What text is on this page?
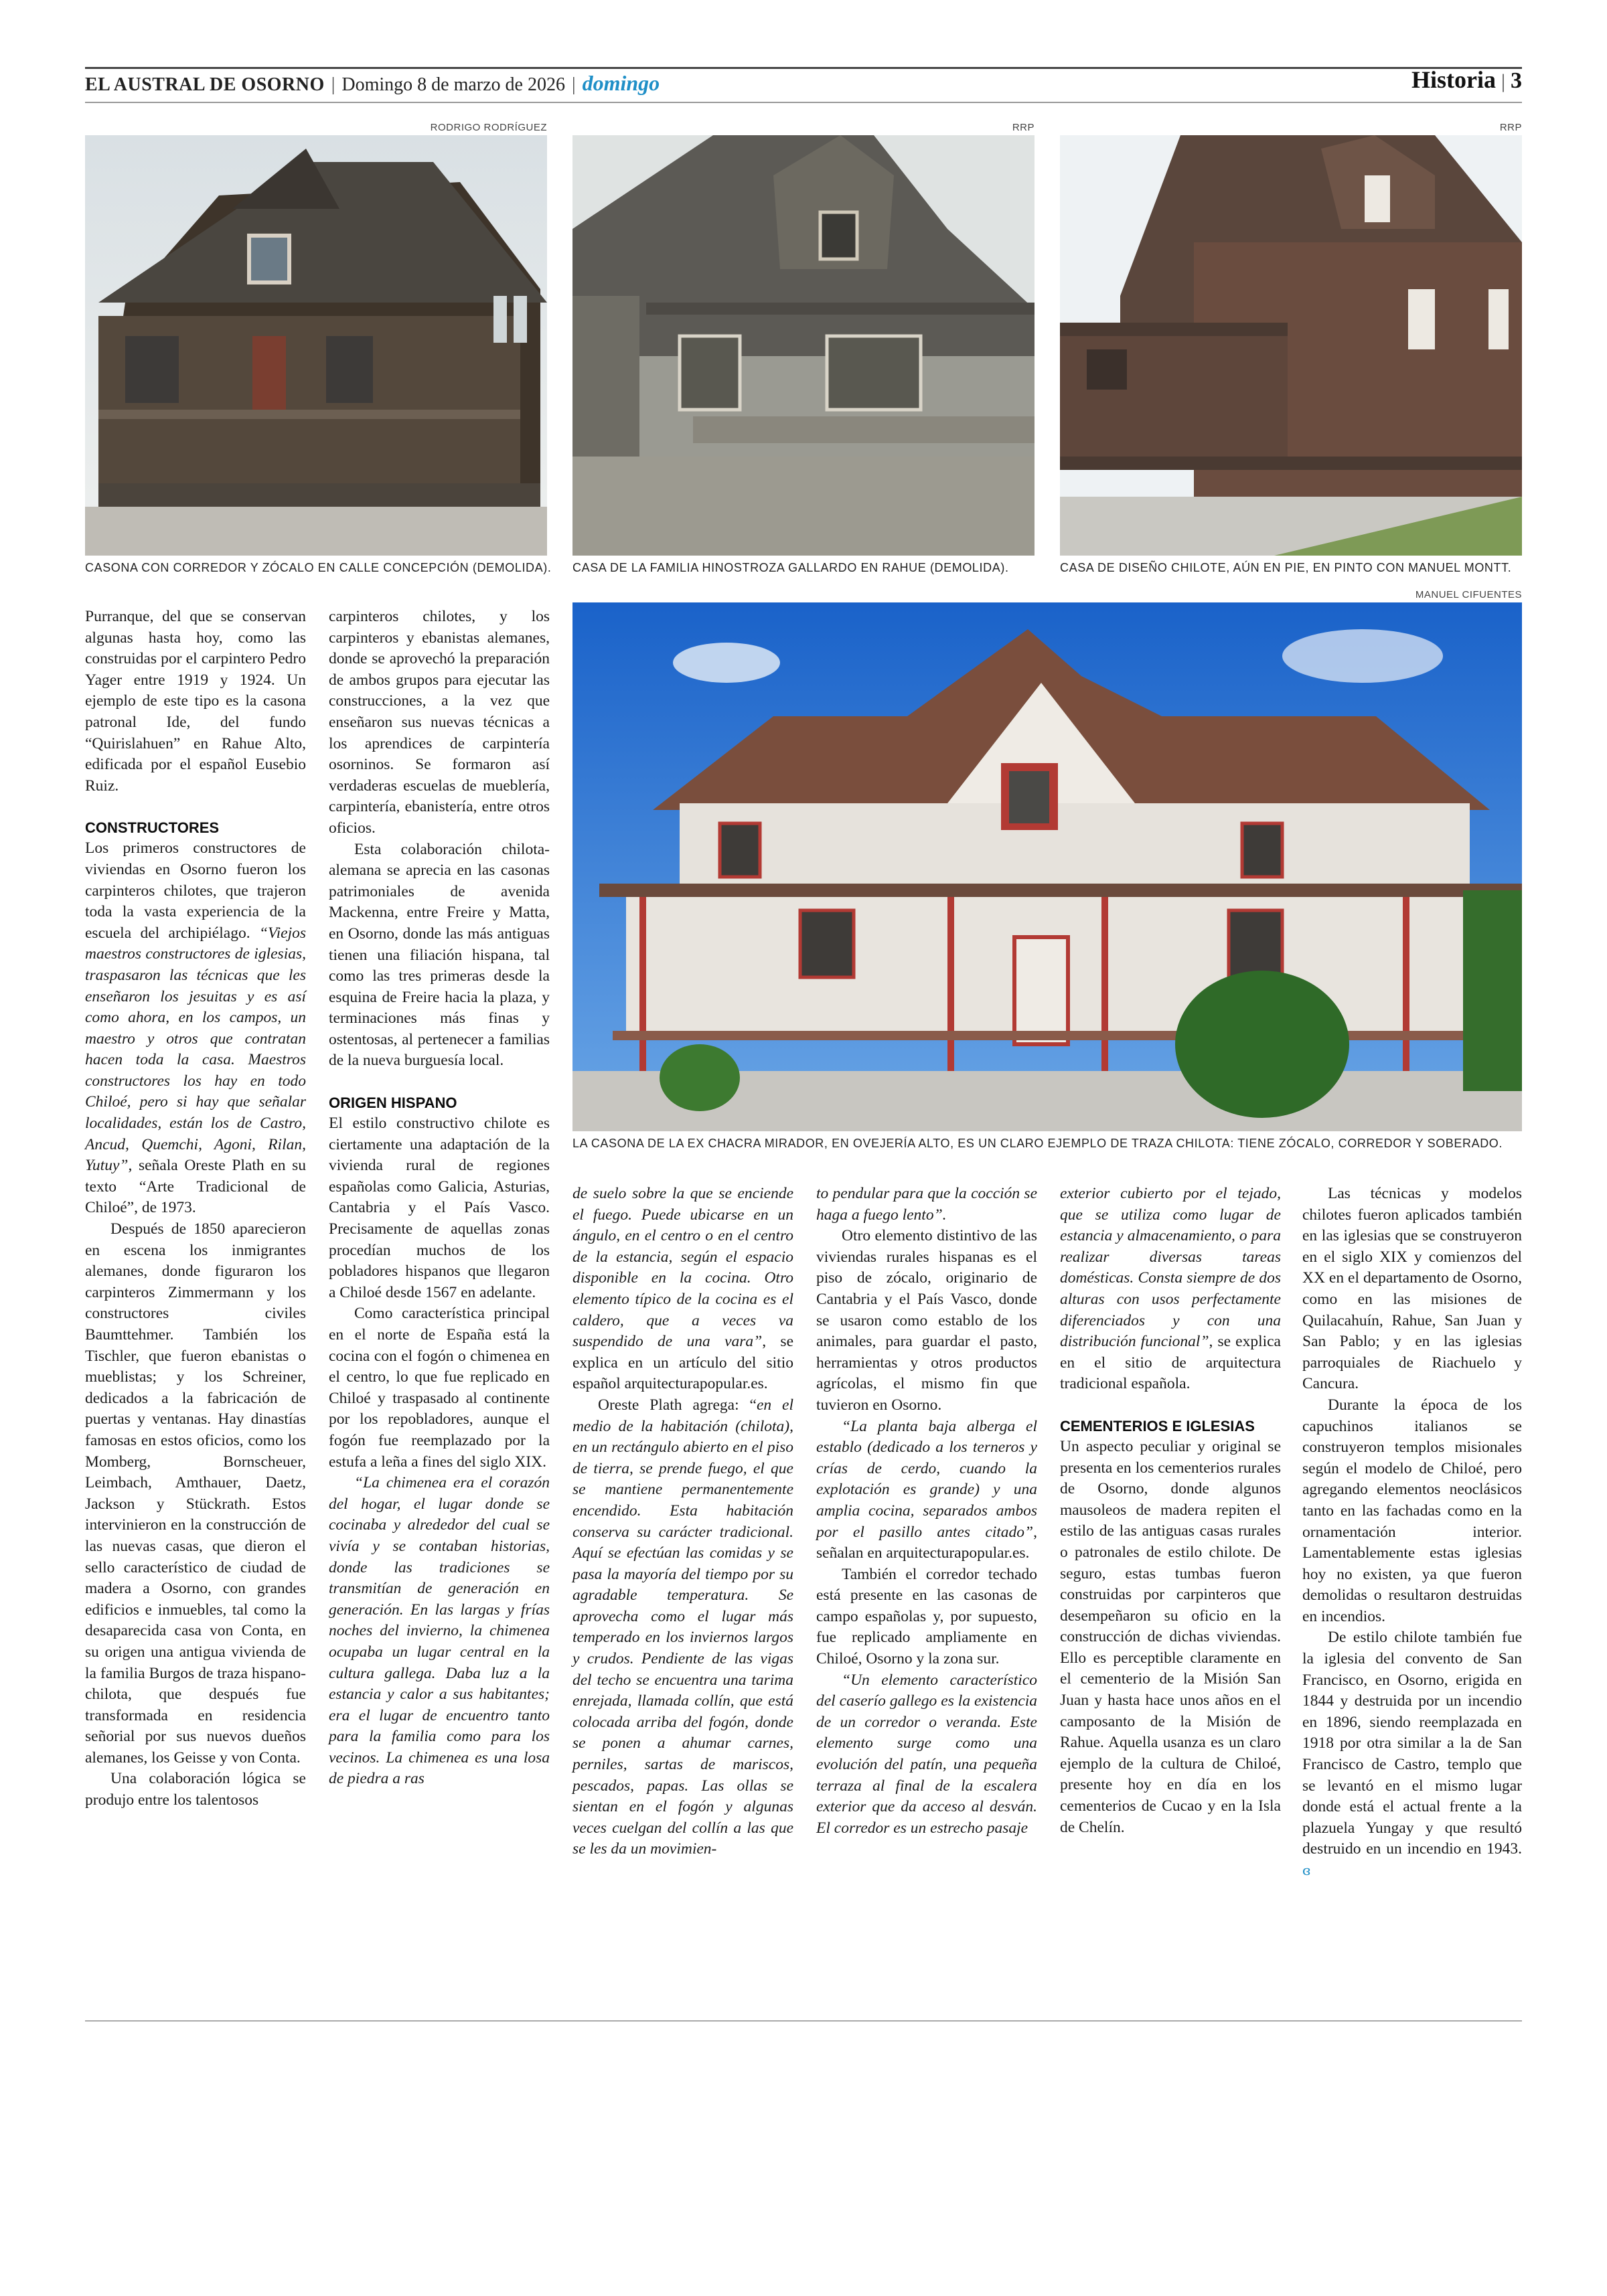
EL AUSTRAL DE OSORNO | Domingo 8 de marzo de 2026 | domingo	Historia | 3
RODRIGO RODRÍGUEZ
CASONA CON CORREDOR Y ZÓCALO EN CALLE CONCEPCIÓN (DEMOLIDA).
RRP
CASA DE LA FAMILIA HINOSTROZA GALLARDO EN RAHUE (DEMOLIDA).
RRP
CASA DE DISEÑO CHILOTE, AÚN EN PIE, EN PINTO CON MANUEL MONTT.
MANUEL CIFUENTES
LA CASONA DE LA EX CHACRA MIRADOR, EN OVEJERÍA ALTO, ES UN CLARO EJEMPLO DE TRAZA CHILOTA: TIENE ZÓCALO, CORREDOR Y SOBERADO.

Purranque, del que se conservan algunas hasta hoy, como las construidas por el carpintero Pedro Yager entre 1919 y 1924. Un ejemplo de este tipo es la casona patronal Ide, del fundo “Quirislahuen” en Rahue Alto, edificada por el español Eusebio Ruiz.

CONSTRUCTORES

Los primeros constructores de viviendas en Osorno fueron los carpinteros chilotes, que trajeron toda la vasta experiencia de la escuela del archipiélago. “Viejos maestros constructores de iglesias, traspasaron las técnicas que les enseñaron los jesuitas y es así como ahora, en los campos, un maestro y otros que contratan hacen toda la casa. Maestros constructores los hay en todo Chiloé, pero si hay que señalar localidades, están los de Castro, Ancud, Quemchi, Agoni, Rilan, Yutuy”, señala Oreste Plath en su texto “Arte Tradicional de Chiloé”, de 1973.

Después de 1850 aparecieron en escena los inmigrantes alemanes, donde figuraron los carpinteros Zimmermann y los constructores civiles Baumttehmer. También los Tischler, que fueron ebanistas o mueblistas; y los Schreiner, dedicados a la fabricación de puertas y ventanas. Hay dinastías famosas en estos oficios, como los Momberg, Bornscheuer, Leimbach, Amthauer, Daetz, Jackson y Stückrath. Estos intervinieron en la construcción de las nuevas casas, que dieron el sello característico de ciudad de madera a Osorno, con grandes edificios e inmuebles, tal como la desaparecida casa von Conta, en su origen una antigua vivienda de la familia Burgos de traza hispano-chilota, que después fue transformada en residencia señorial por sus nuevos dueños alemanes, los Geisse y von Conta.

Una colaboración lógica se produjo entre los talentosos

carpinteros chilotes, y los carpinteros y ebanistas alemanes, donde se aprovechó la preparación de ambos grupos para ejecutar las construcciones, a la vez que enseñaron sus nuevas técnicas a los aprendices de carpintería osorninos. Se formaron así verdaderas escuelas de mueblería, carpintería, ebanistería, entre otros oficios.

Esta colaboración chilota-alemana se aprecia en las casonas patrimoniales de avenida Mackenna, entre Freire y Matta, en Osorno, donde las más antiguas tienen una filiación hispana, tal como las tres primeras desde la esquina de Freire hacia la plaza, y terminaciones más finas y ostentosas, al pertenecer a familias de la nueva burguesía local.

ORIGEN HISPANO

El estilo constructivo chilote es ciertamente una adaptación de la vivienda rural de regiones españolas como Galicia, Asturias, Cantabria y el País Vasco. Precisamente de aquellas zonas procedían muchos de los pobladores hispanos que llegaron a Chiloé desde 1567 en adelante.

Como característica principal en el norte de España está la cocina con el fogón o chimenea en el centro, lo que fue replicado en Chiloé y traspasado al continente por los repobladores, aunque el fogón fue reemplazado por la estufa a leña a fines del siglo XIX.

“La chimenea era el corazón del hogar, el lugar donde se cocinaba y alrededor del cual se vivía y se contaban historias, donde las tradiciones se transmitían de generación en generación. En las largas y frías noches del invierno, la chimenea ocupaba un lugar central en la cultura gallega. Daba luz a la estancia y calor a sus habitantes; era el lugar de encuentro tanto para la familia como para los vecinos. La chimenea es una losa de piedra a ras

de suelo sobre la que se enciende el fuego. Puede ubicarse en un ángulo, en el centro o en el centro de la estancia, según el espacio disponible en la cocina. Otro elemento típico de la cocina es el caldero, que a veces va suspendido de una vara”, se explica en un artículo del sitio español arquitecturapopular.es.

Oreste Plath agrega: “en el medio de la habitación (chilota), en un rectángulo abierto en el piso de tierra, se prende fuego, el que se mantiene permanentemente encendido. Esta habitación conserva su carácter tradicional. Aquí se efectúan las comidas y se pasa la mayoría del tiempo por su agradable temperatura. Se aprovecha como el lugar más temperado en los inviernos largos y crudos. Pendiente de las vigas del techo se encuentra una tarima enrejada, llamada collín, que está colocada arriba del fogón, donde se ponen a ahumar carnes, perniles, sartas de mariscos, pescados, papas. Las ollas se sientan en el fogón y algunas veces cuelgan del collín a las que se les da un movimien-

to pendular para que la cocción se haga a fuego lento”.

Otro elemento distintivo de las viviendas rurales hispanas es el piso de zócalo, originario de Cantabria y el País Vasco, donde se usaron como establo de los animales, para guardar el pasto, herramientas y otros productos agrícolas, el mismo fin que tuvieron en Osorno.

“La planta baja alberga el establo (dedicado a los terneros y crías de cerdo, cuando la explotación es grande) y una amplia cocina, separados ambos por el pasillo antes citado”, señalan en arquitecturapopular.es.

También el corredor techado está presente en las casonas de campo españolas y, por supuesto, fue replicado ampliamente en Chiloé, Osorno y la zona sur.

“Un elemento característico del caserío gallego es la existencia de un corredor o veranda. Este elemento surge como una evolución del patín, una pequeña terraza al final de la escalera exterior que da acceso al desván. El corredor es un estrecho pasaje

exterior cubierto por el tejado, que se utiliza como lugar de estancia y almacenamiento, o para realizar diversas tareas domésticas. Consta siempre de dos alturas con usos perfectamente diferenciados y con una distribución funcional”, se explica en el sitio de arquitectura tradicional española.

CEMENTERIOS E IGLESIAS

Un aspecto peculiar y original se presenta en los cementerios rurales de Osorno, donde algunos mausoleos de madera repiten el estilo de las antiguas casas rurales o patronales de estilo chilote. De seguro, estas tumbas fueron construidas por carpinteros que desempeñaron su oficio en la construcción de dichas viviendas. Ello es perceptible claramente en el cementerio de la Misión San Juan y hasta hace unos años en el camposanto de la Misión de Rahue. Aquella usanza es un claro ejemplo de la cultura de Chiloé, presente hoy en día en los cementerios de Cucao y en la Isla de Chelín.

Las técnicas y modelos chilotes fueron aplicados también en las iglesias que se construyeron en el siglo XIX y comienzos del XX en el departamento de Osorno, como en las misiones de Quilacahuín, Rahue, San Juan y San Pablo; y en las iglesias parroquiales de Riachuelo y Cancura.

Durante la época de los capuchinos italianos se construyeron templos misionales según el modelo de Chiloé, pero agregando elementos neoclásicos tanto en las fachadas como en la ornamentación interior. Lamentablemente estas iglesias hoy no existen, ya que fueron demolidas o resultaron destruidas en incendios.

De estilo chilote también fue la iglesia del convento de San Francisco, en Osorno, erigida en 1844 y destruida por un incendio en 1896, siendo reemplazada en 1918 por otra similar a la de San Francisco de Castro, templo que se levantó en el mismo lugar donde está el actual frente a la plazuela Yungay y que resultó destruido en un incendio en 1943. ɞ
